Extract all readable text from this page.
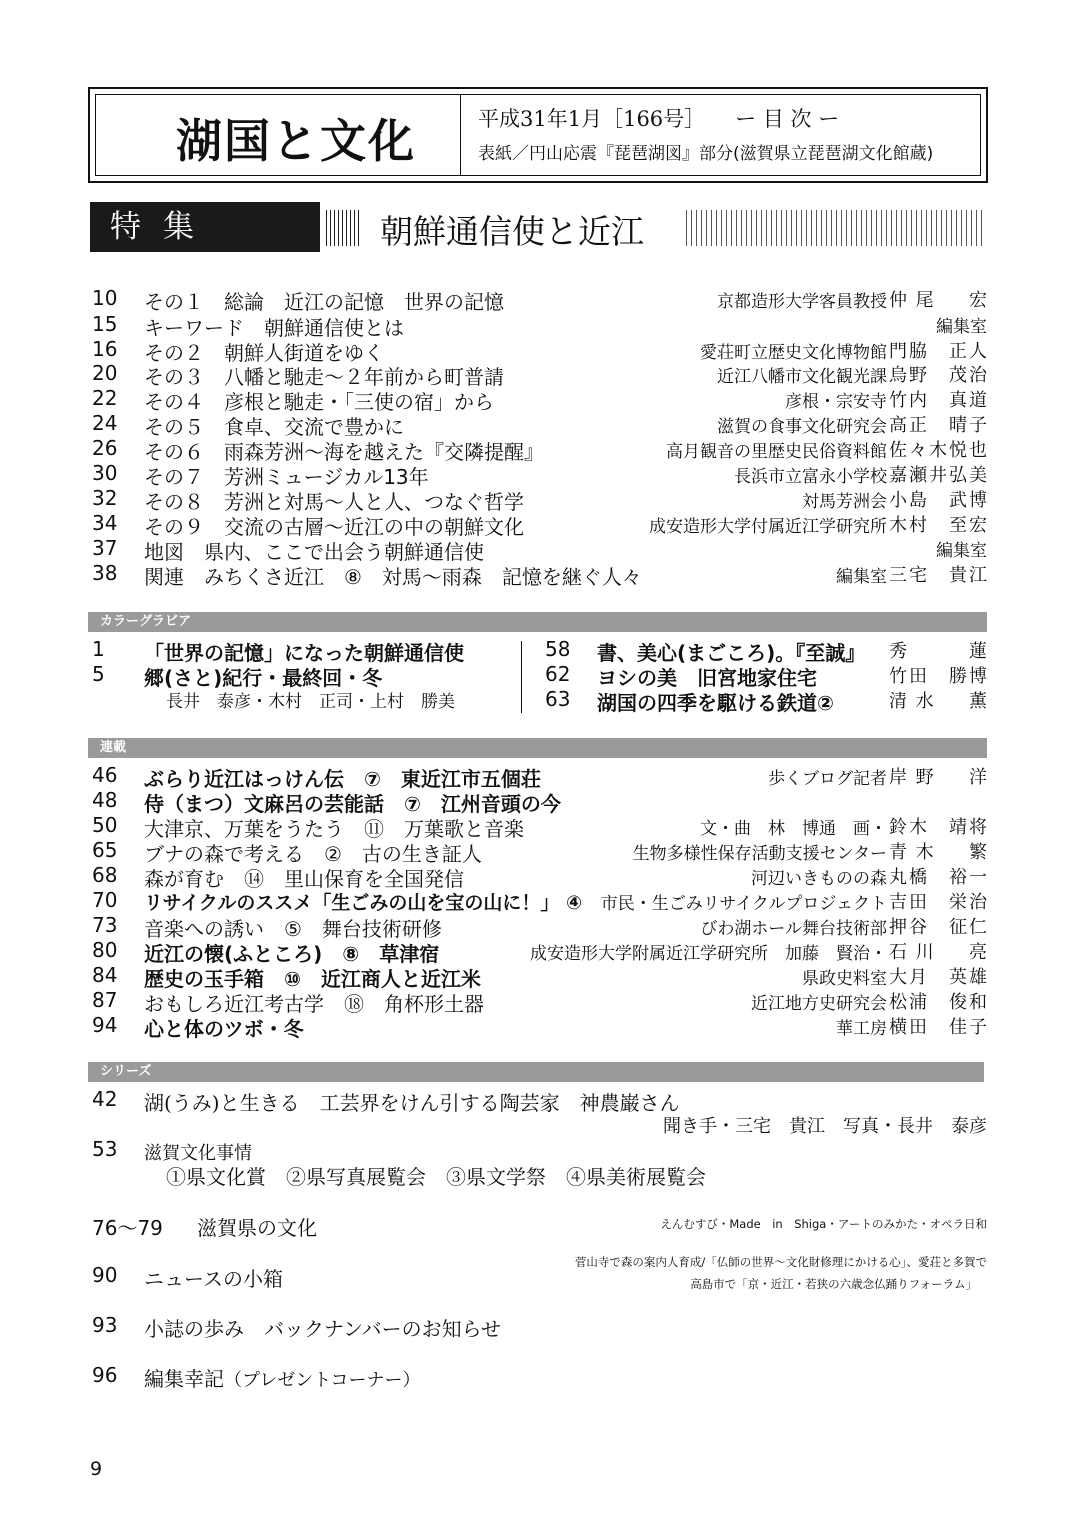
湖国と文化	平成31年1月［166号］ ー 目 次 ー
表紙／円山応震『琵琶湖図』部分(滋賀県立琵琶湖文化館蔵)
特集	朝鮮通信使と近江
10 その１　総論　近江の記憶　世界の記憶	京都造形大学客員教授 仲尾　宏
15 キーワード　朝鮮通信使とは	編集室
16 その２　朝鮮人街道をゆく	愛荘町立歴史文化博物館 門脇　正人
20 その３　八幡と馳走～２年前から町普請	近江八幡市文化観光課 烏野　茂治
22 その４　彦根と馳走・「三使の宿」から	彦根・宗安寺 竹内　真道
24 その５　食卓、交流で豊かに	滋賀の食事文化研究会 高正　晴子
26 その６　雨森芳洲～海を越えた『交隣提醒』	高月観音の里歴史民俗資料館 佐々木悦也
30 その７　芳洲ミュージカル13年	長浜市立富永小学校 嘉瀬井弘美
32 その８　芳洲と対馬～人と人、つなぐ哲学	対馬芳洲会 小島　武博
34 その９　交流の古層～近江の中の朝鮮文化	成安造形大学付属近江学研究所 木村　至宏
37 地図　県内、ここで出会う朝鮮通信使	編集室
38 関連　みちくさ近江　⑧　対馬～雨森　記憶を継ぐ人々	編集室 三宅　貴江
カラーグラビア
1 「世界の記憶」になった朝鮮通信使
5 郷(さと)紀行・最終回・冬
長井　泰彦・木村　正司・上村　勝美
58 書、美心(まごころ)。『至誠』 秀　蓮
62 ヨシの美　旧宮地家住宅	竹田　勝博
63 湖国の四季を駆ける鉄道②	清水　薫
連載
46 ぶらり近江はっけん伝　⑦　東近江市五個荘	歩くブログ記者 岸野　洋
48 侍（まつ）文麻呂の芸能話　⑦　江州音頭の今
50 大津京、万葉をうたう　⑪　万葉歌と音楽	文・曲　林　博通　画・ 鈴木　靖将
65 ブナの森で考える　②　古の生き証人	生物多様性保存活動支援センター 青木　繁
68 森が育む　⑭　里山保育を全国発信	河辺いきものの森 丸橋　裕一
70 リサイクルのススメ「生ごみの山を宝の山に！」 ④ 市民・生ごみリサイクルプロジェクト 吉田　栄治
73 音楽への誘い　⑤　舞台技術研修	びわ湖ホール舞台技術部 押谷　征仁
80 近江の懐(ふところ)　⑧　草津宿	成安造形大学附属近江学研究所　加藤　賢治・ 石川　亮
84 歴史の玉手箱　⑩　近江商人と近江米	県政史料室 大月　英雄
87 おもしろ近江考古学　⑱　角杯形土器	近江地方史研究会 松浦　俊和
94 心と体のツボ・冬	華工房 横田　佳子
シリーズ
42 湖(うみ)と生きる　工芸界をけん引する陶芸家　神農巌さん
聞き手・三宅　貴江　写真・長井　泰彦
53 滋賀文化事情
①県文化賞　②県写真展覧会　③県文学祭　④県美術展覧会
76～79 滋賀県の文化	えんむすび・Made　in　Shiga・アートのみかた・オペラ日和
90 ニュースの小箱
菅山寺で森の案内人育成/「仏師の世界～文化財修理にかける心」、愛荘と多賀で
高島市で「京・近江・若狭の六歳念仏踊りフォーラム」
93 小誌の歩み　バックナンバーのお知らせ
96 編集幸記（プレゼントコーナー）
9
